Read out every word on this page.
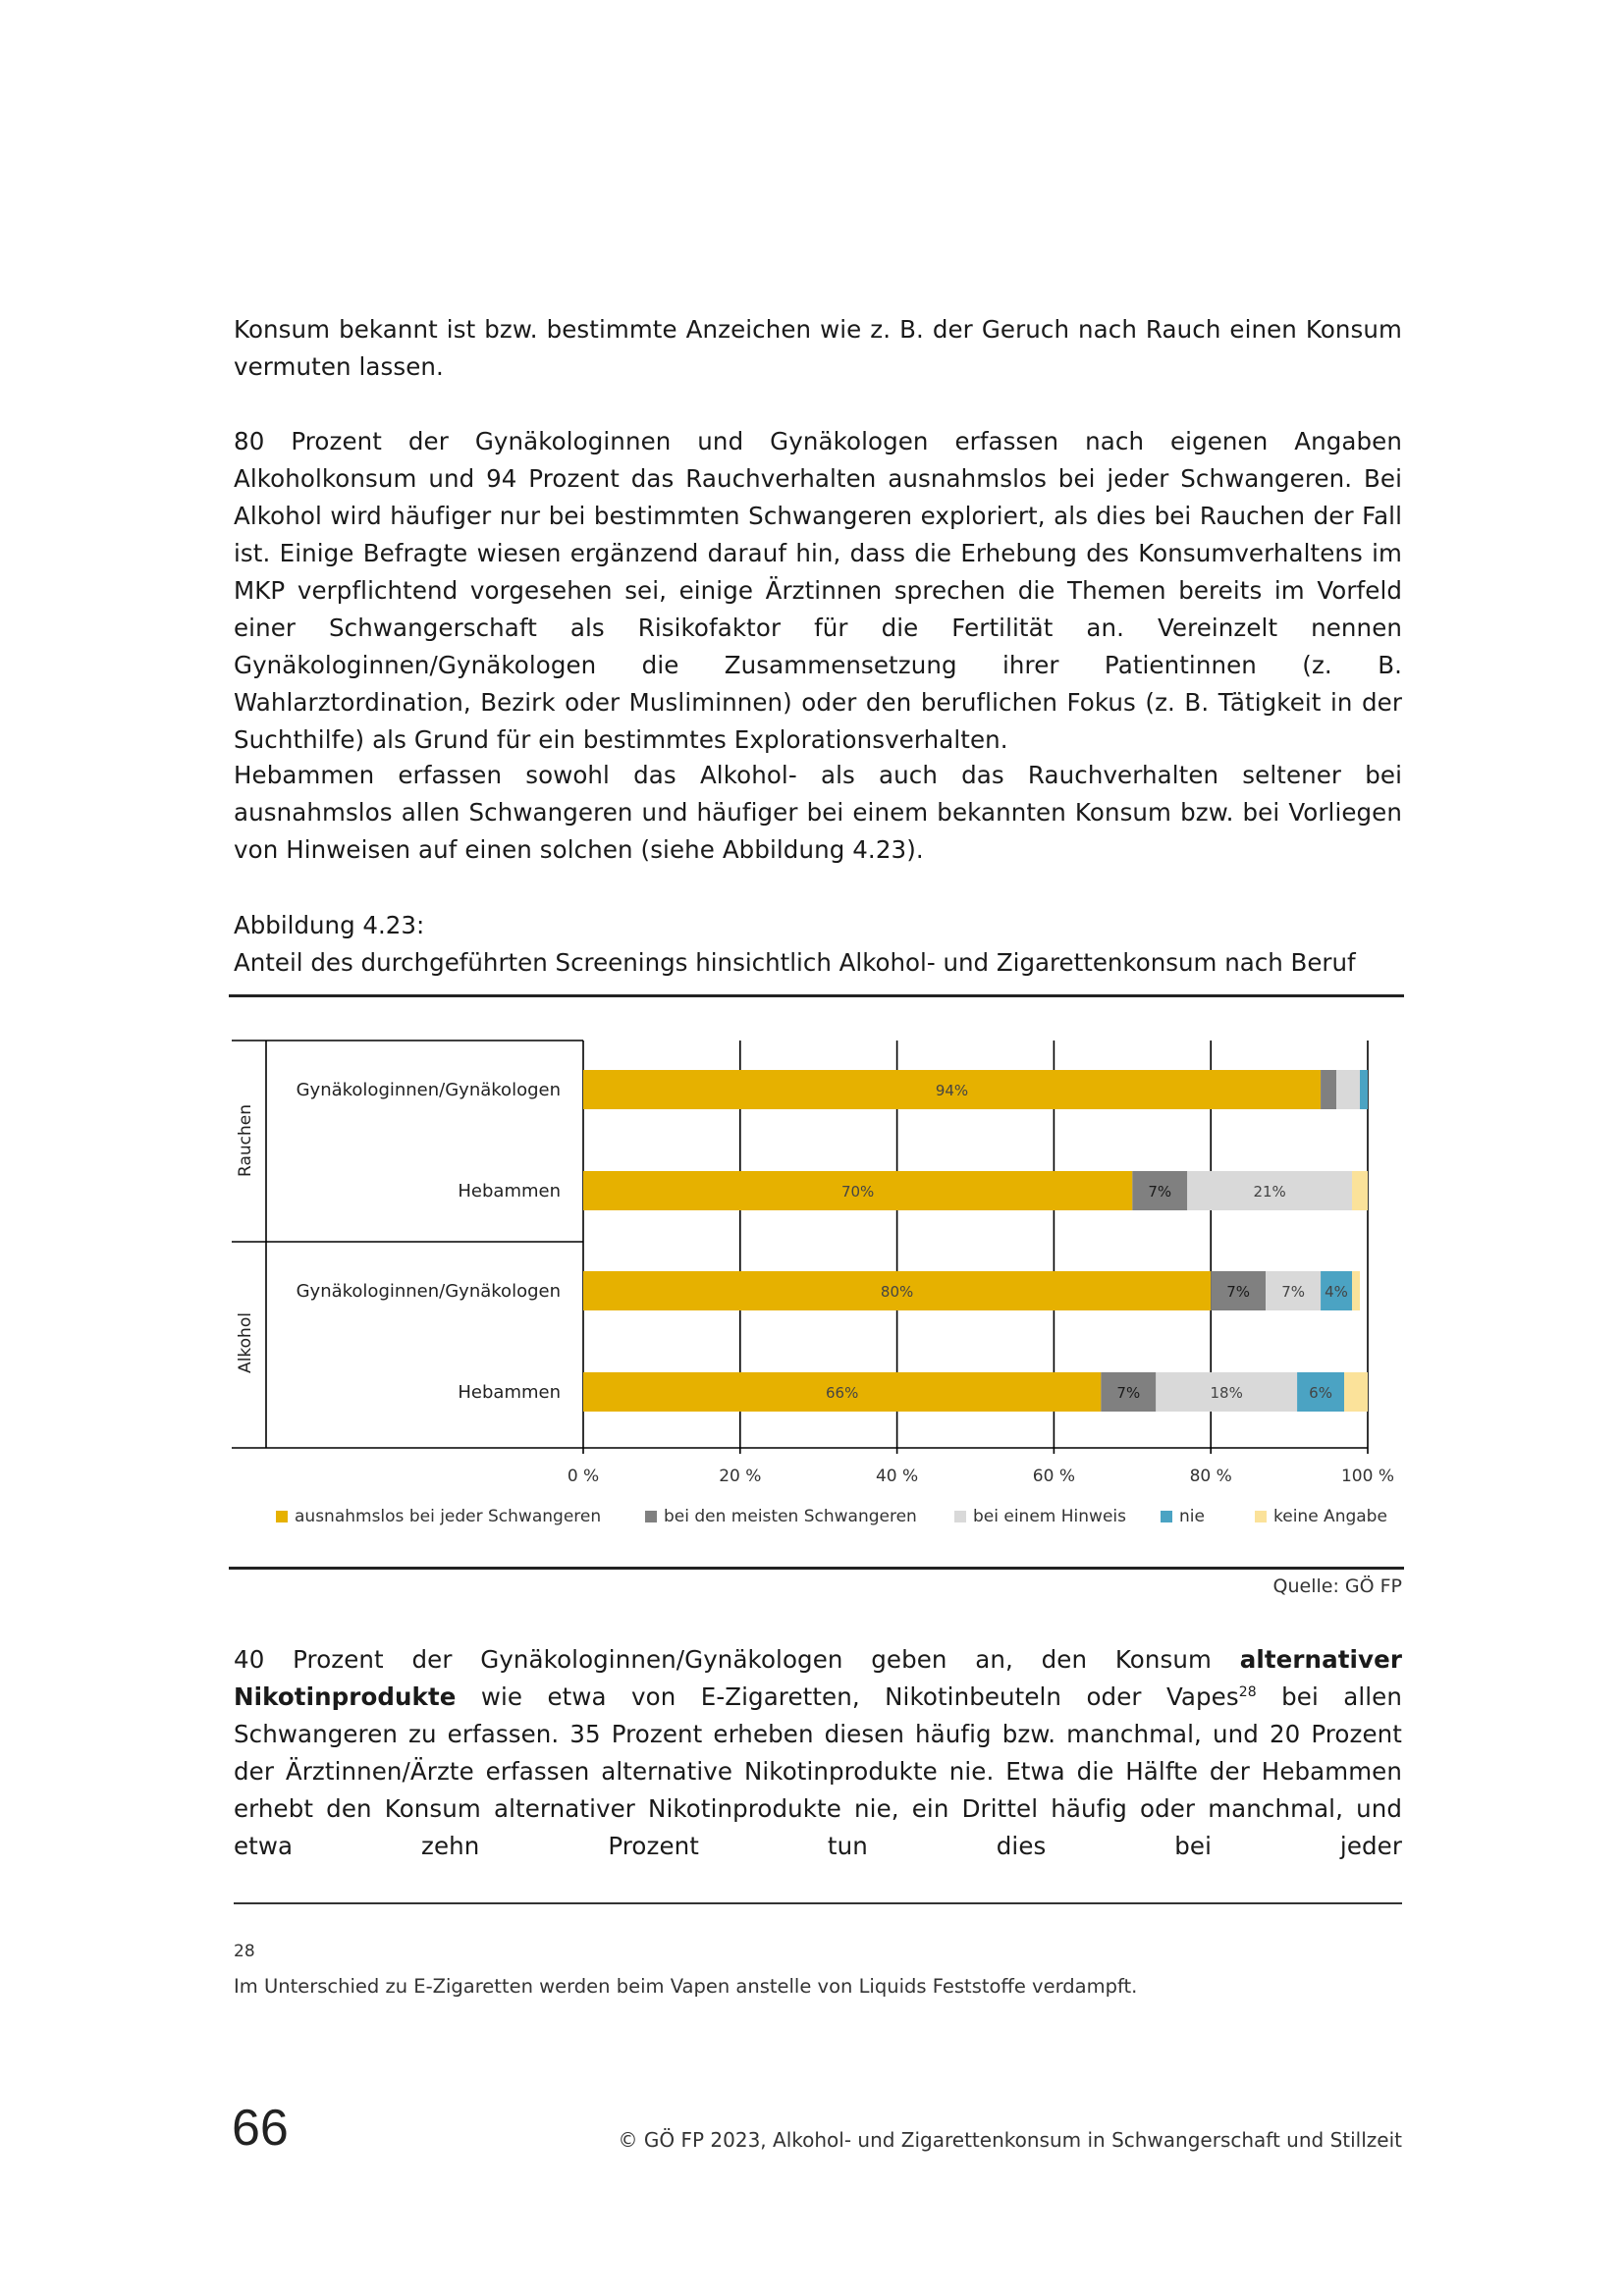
Konsum bekannt ist bzw. bestimmte Anzeichen wie z. B. der Geruch nach Rauch einen Konsum vermuten lassen.

80 Prozent der Gynäkologinnen und Gynäkologen erfassen nach eigenen Angaben Alkoholkonsum und 94 Prozent das Rauchverhalten ausnahmslos bei jeder Schwangeren. Bei Alkohol wird häufiger nur bei bestimmten Schwangeren exploriert, als dies bei Rauchen der Fall ist. Einige Befragte wiesen ergänzend darauf hin, dass die Erhebung des Konsumverhaltens im MKP verpflichtend vorgesehen sei, einige Ärztinnen sprechen die Themen bereits im Vorfeld einer Schwangerschaft als Risikofaktor für die Fertilität an. Vereinzelt nennen Gynäkologinnen/Gynäkologen die Zusammensetzung ihrer Patientinnen (z. B. Wahlarztordination, Bezirk oder Musliminnen) oder den beruflichen Fokus (z. B. Tätigkeit in der Suchthilfe) als Grund für ein bestimmtes Explorationsverhalten.

Hebammen erfassen sowohl das Alkohol- als auch das Rauchverhalten seltener bei ausnahmslos allen Schwangeren und häufiger bei einem bekannten Konsum bzw. bei Vorliegen von Hinweisen auf einen solchen (siehe Abbildung 4.23).

Abbildung 4.23:
Anteil des durchgeführten Screenings hinsichtlich Alkohol- und Zigarettenkonsum nach Beruf
0 %	20 %	40 %	60 %	80 %	100 %
Rauchen
Alkohol
Gynäkologinnen/Gynäkologen
Hebammen
Gynäkologinnen/Gynäkologen
Hebammen
94%
70%	7%	21%
80%	7% 7% 4%
66%	7%	18%	6%
ausnahmslos bei jeder Schwangeren	bei den meisten Schwangeren	bei einem Hinweis	nie	keine Angabe
Quelle: GÖ FP

40 Prozent der Gynäkologinnen/Gynäkologen geben an, den Konsum alternativer Nikotinprodukte wie etwa von E-Zigaretten, Nikotinbeuteln oder Vapes$^{28}$ bei allen Schwangeren zu erfassen. 35 Prozent erheben diesen häufig bzw. manchmal, und 20 Prozent der Ärztinnen/Ärzte erfassen alternative Nikotinprodukte nie. Etwa die Hälfte der Hebammen erhebt den Konsum alternativer Nikotinprodukte nie, ein Drittel häufig oder manchmal, und etwa zehn Prozent tun dies bei jeder

28
Im Unterschied zu E-Zigaretten werden beim Vapen anstelle von Liquids Feststoffe verdampft.
66	© GÖ FP 2023, Alkohol- und Zigarettenkonsum in Schwangerschaft und Stillzeit
